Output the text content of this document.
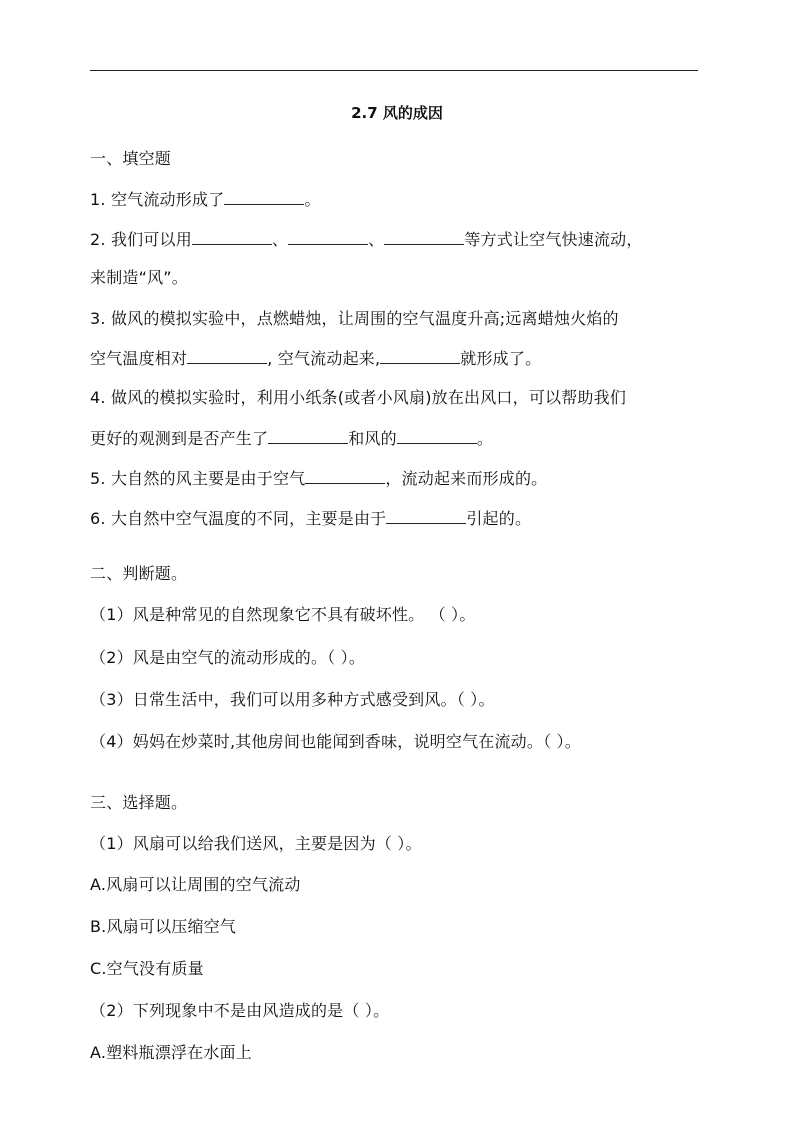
2.7 风的成因
一、填空题
1. 空气流动形成了	。
2. 我们可以用	、	、	等方式让空气快速流动，
来制造“风”。
3. 做风的模拟实验中，点燃蜡烛，让周围的空气温度升高;远离蜡烛火焰的
空气温度相对	, 空气流动起来,	就形成了。
4. 做风的模拟实验时，利用小纸条(或者小风扇)放在出风口，可以帮助我们
更好的观测到是否产生了	和风的	。
5. 大自然的风主要是由于空气	，流动起来而形成的。
6. 大自然中空气温度的不同，主要是由于	引起的。
二、判断题。
（1）风是种常见的自然现象它不具有破坏性。 （ ）。
（2）风是由空气的流动形成的。（ ）。
（3）日常生活中，我们可以用多种方式感受到风。（ ）。
（4）妈妈在炒菜时,其他房间也能闻到香味，说明空气在流动。（ ）。
三、选择题。
（1）风扇可以给我们送风，主要是因为（ ）。
A.风扇可以让周围的空气流动
B.风扇可以压缩空气
C.空气没有质量
（2）下列现象中不是由风造成的是（ ）。
A.塑料瓶漂浮在水面上
